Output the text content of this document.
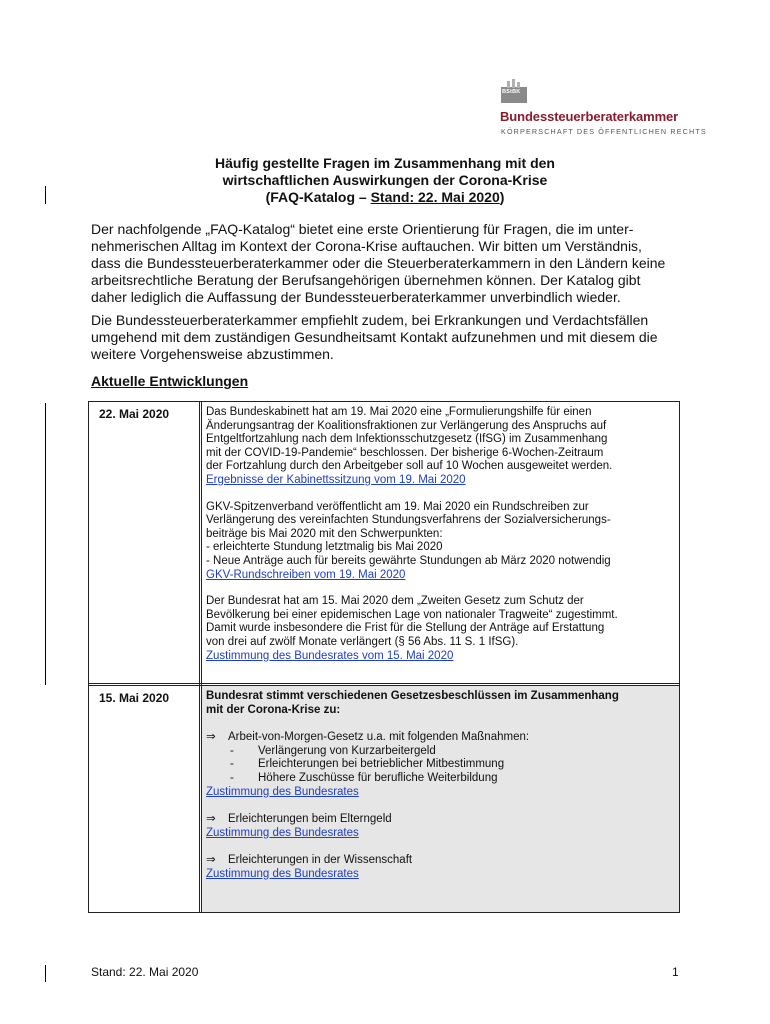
BStBK
Bundessteuerberaterkammer
KÖRPERSCHAFT DES ÖFFENTLICHEN RECHTS
Häufig gestellte Fragen im Zusammenhang mit den
wirtschaftlichen Auswirkungen der Corona-Krise
(FAQ-Katalog – Stand: 22. Mai 2020)
Der nachfolgende „FAQ-Katalog“ bietet eine erste Orientierung für Fragen, die im unter-
nehmerischen Alltag im Kontext der Corona-Krise auftauchen. Wir bitten um Verständnis,
dass die Bundessteuerberaterkammer oder die Steuerberaterkammern in den Ländern keine
arbeitsrechtliche Beratung der Berufsangehörigen übernehmen können. Der Katalog gibt
daher lediglich die Auffassung der Bundessteuerberaterkammer unverbindlich wieder.
Die Bundessteuerberaterkammer empfiehlt zudem, bei Erkrankungen und Verdachtsfällen
umgehend mit dem zuständigen Gesundheitsamt Kontakt aufzunehmen und mit diesem die
weitere Vorgehensweise abzustimmen.
Aktuelle Entwicklungen
22. Mai 2020	Das Bundeskabinett hat am 19. Mai 2020 eine „Formulierungshilfe für einen
Änderungsantrag der Koalitionsfraktionen zur Verlängerung des Anspruchs auf
Entgeltfortzahlung nach dem Infektionsschutzgesetz (IfSG) im Zusammenhang
mit der COVID-19-Pandemie“ beschlossen. Der bisherige 6-Wochen-Zeitraum
der Fortzahlung durch den Arbeitgeber soll auf 10 Wochen ausgeweitet werden.
Ergebnisse der Kabinettssitzung vom 19. Mai 2020
GKV-Spitzenverband veröffentlicht am 19. Mai 2020 ein Rundschreiben zur
Verlängerung des vereinfachten Stundungsverfahrens der Sozialversicherungs-
beiträge bis Mai 2020 mit den Schwerpunkten:
- erleichterte Stundung letztmalig bis Mai 2020
- Neue Anträge auch für bereits gewährte Stundungen ab März 2020 notwendig
GKV-Rundschreiben vom 19. Mai 2020
Der Bundesrat hat am 15. Mai 2020 dem „Zweiten Gesetz zum Schutz der
Bevölkerung bei einer epidemischen Lage von nationaler Tragweite“ zugestimmt.
Damit wurde insbesondere die Frist für die Stellung der Anträge auf Erstattung
von drei auf zwölf Monate verlängert (§ 56 Abs. 11 S. 1 IfSG).
Zustimmung des Bundesrates vom 15. Mai 2020
15. Mai 2020	Bundesrat stimmt verschiedenen Gesetzesbeschlüssen im Zusammenhang
mit der Corona-Krise zu:
⇒ Arbeit-von-Morgen-Gesetz u.a. mit folgenden Maßnahmen:
- Verlängerung von Kurzarbeitergeld
- Erleichterungen bei betrieblicher Mitbestimmung
- Höhere Zuschüsse für berufliche Weiterbildung
Zustimmung des Bundesrates
⇒ Erleichterungen beim Elterngeld
Zustimmung des Bundesrates
⇒ Erleichterungen in der Wissenschaft
Zustimmung des Bundesrates
Stand: 22. Mai 2020	1
